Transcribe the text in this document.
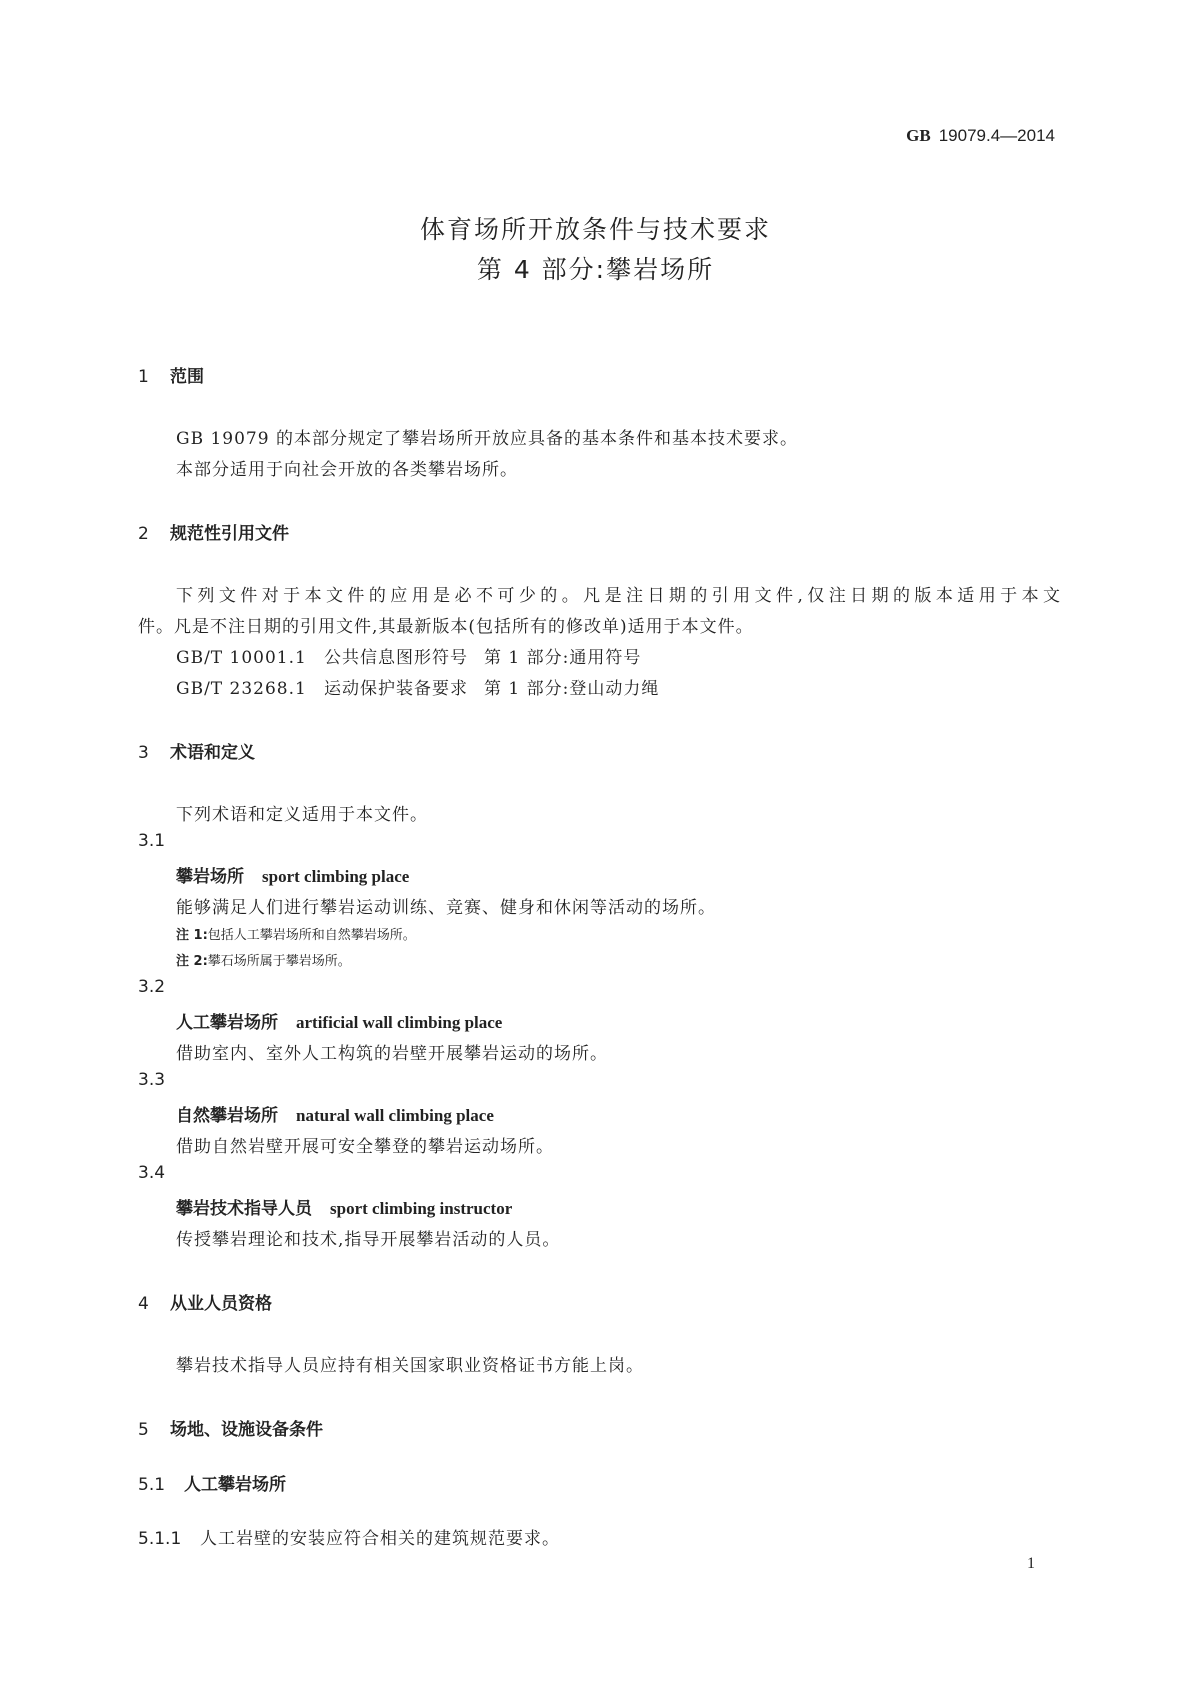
GB 19079.4—2014
体育场所开放条件与技术要求
第 4 部分:攀岩场所
1 范围
GB 19079 的本部分规定了攀岩场所开放应具备的基本条件和基本技术要求。
本部分适用于向社会开放的各类攀岩场所。
2 规范性引用文件
下列文件对于本文件的应用是必不可少的。凡是注日期的引用文件,仅注日期的版本适用于本文
件。凡是不注日期的引用文件,其最新版本(包括所有的修改单)适用于本文件。
GB/T 10001.1 公共信息图形符号 第 1 部分:通用符号
GB/T 23268.1 运动保护装备要求 第 1 部分:登山动力绳
3 术语和定义
下列术语和定义适用于本文件。
3.1
攀岩场所 sport climbing place
能够满足人们进行攀岩运动训练、竞赛、健身和休闲等活动的场所。
注 1:包括人工攀岩场所和自然攀岩场所。
注 2:攀石场所属于攀岩场所。
3.2
人工攀岩场所 artificial wall climbing place
借助室内、室外人工构筑的岩壁开展攀岩运动的场所。
3.3
自然攀岩场所 natural wall climbing place
借助自然岩壁开展可安全攀登的攀岩运动场所。
3.4
攀岩技术指导人员 sport climbing instructor
传授攀岩理论和技术,指导开展攀岩活动的人员。
4 从业人员资格
攀岩技术指导人员应持有相关国家职业资格证书方能上岗。
5 场地、设施设备条件
5.1 人工攀岩场所
5.1.1 人工岩壁的安装应符合相关的建筑规范要求。
1
